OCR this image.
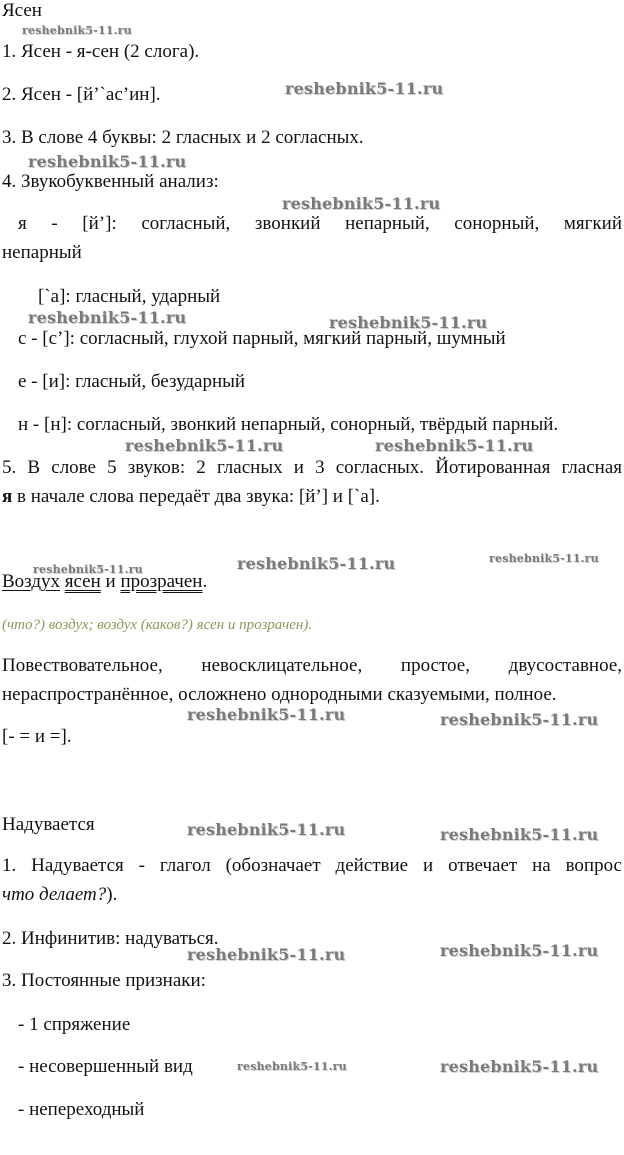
Ясен
1. Ясен - я-сен (2 слога).
2. Ясен - [й’`ас’ин].
3. В слове 4 буквы: 2 гласных и 2 согласных.
4. Звукобуквенный анализ:
я - [й’]: согласный, звонкий непарный, сонорный, мягкий
непарный
[`а]: гласный, ударный
с - [с’]: согласный, глухой парный, мягкий парный, шумный
е - [и]: гласный, безударный
н - [н]: согласный, звонкий непарный, сонорный, твёрдый парный.
5. В слове 5 звуков: 2 гласных и 3 согласных. Йотированная гласная
я в начале слова передаёт два звука: [й’] и [`а].
Воздух ясен и прозрачен.
(что?) воздух; воздух (каков?) ясен и прозрачен).
Повествовательное, невосклицательное, простое, двусоставное,
нераспространённое, осложнено однородными сказуемыми, полное.
[- = и =].
Надувается
1. Надувается - глагол (обозначает действие и отвечает на вопрос
что делает?).
2. Инфинитив: надуваться.
3. Постоянные признаки:
- 1 спряжение
- несовершенный вид
- непереходный
reshebnik5-11.ru
reshebnik5-11.ru
reshebnik5-11.ru
reshebnik5-11.ru
reshebnik5-11.ru	reshebnik5-11.ru
reshebnik5-11.ru	reshebnik5-11.ru
reshebnik5-11.ru	reshebnik5-11.ru	reshebnik5-11.ru
reshebnik5-11.ru	reshebnik5-11.ru
reshebnik5-11.ru	reshebnik5-11.ru
reshebnik5-11.ru	reshebnik5-11.ru
reshebnik5-11.ru	reshebnik5-11.ru
